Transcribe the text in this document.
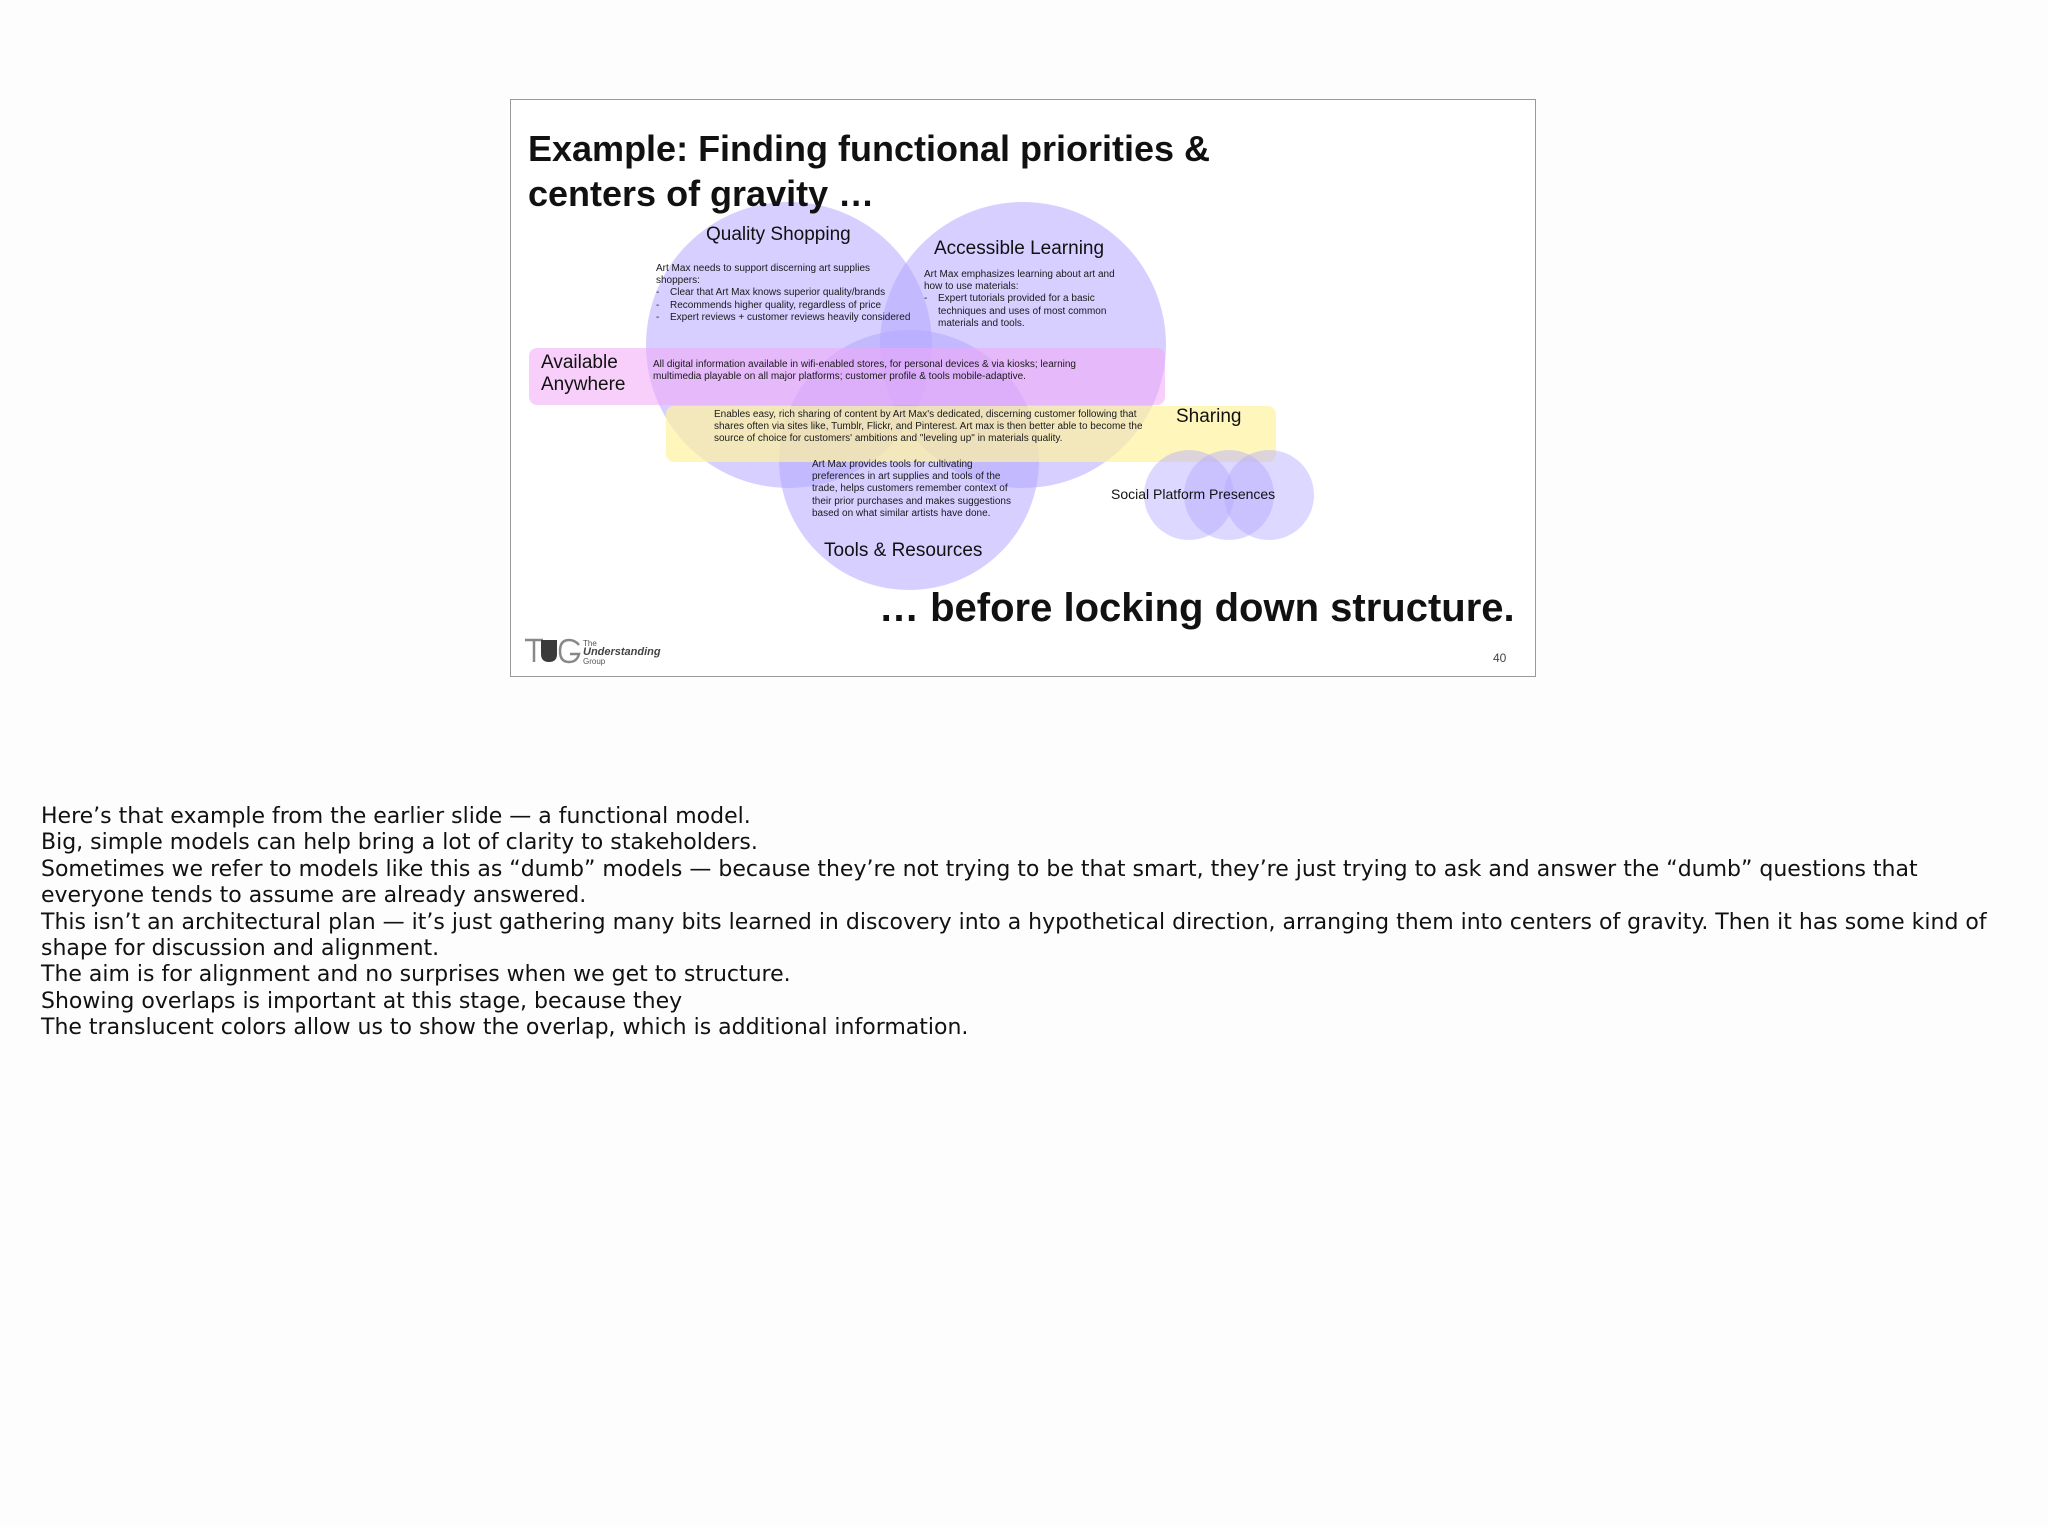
Example: Finding functional priorities &
centers of gravity …
Quality Shopping
Art Max needs to support discerning art supplies shoppers:
- Clear that Art Max knows superior quality/brands
- Recommends higher quality, regardless of price
- Expert reviews + customer reviews heavily considered
Accessible Learning
Art Max emphasizes learning about art and how to use materials:
- Expert tutorials provided for a basic techniques and uses of most common materials and tools.
Available
Anywhere
All digital information available in wifi-enabled stores, for personal devices & via kiosks; learning multimedia playable on all major platforms; customer profile & tools mobile-adaptive.
Sharing
Enables easy, rich sharing of content by Art Max's dedicated, discerning customer following that shares often via sites like, Tumblr, Flickr, and Pinterest. Art max is then better able to become the source of choice for customers' ambitions and "leveling up" in materials quality.
Art Max provides tools for cultivating preferences in art supplies and tools of the trade, helps customers remember context of their prior purchases and makes suggestions based on what similar artists have done.
Tools & Resources
Social Platform Presences
… before locking down structure.
The
Understanding
Group	40

Here’s that example from the earlier slide — a functional model.

Big, simple models can help bring a lot of clarity to stakeholders.

Sometimes we refer to models like this as “dumb” models — because they’re not trying to be that smart, they’re just trying to ask and answer the “dumb” questions that everyone tends to assume are already answered.

This isn’t an architectural plan — it’s just gathering many bits learned in discovery into a hypothetical direction, arranging them into centers of gravity. Then it has some kind of shape for discussion and alignment.

The aim is for alignment and no surprises when we get to structure.

Showing overlaps is important at this stage, because they

The translucent colors allow us to show the overlap, which is additional information.
